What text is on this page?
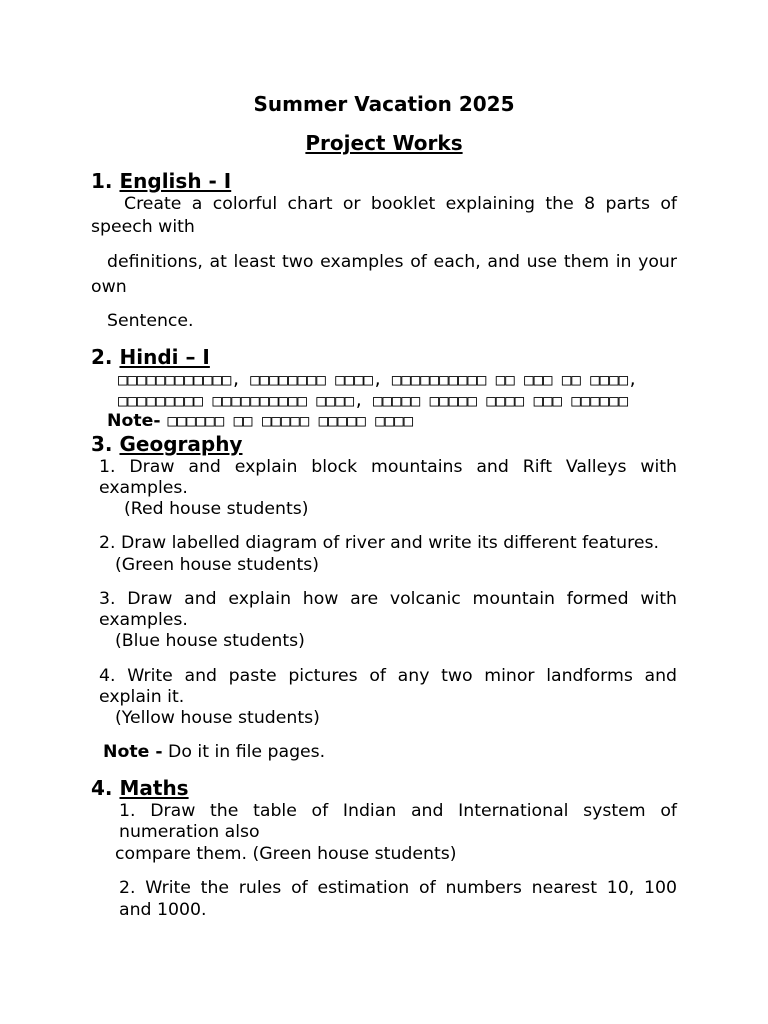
Summer Vacation 2025
Project Works
1. English - I
Create a colorful chart or booklet explaining the 8 parts of
speech with
definitions, at least two examples of each, and use them in your
own
Sentence.
2. Hindi – I
□□□□□□□□□□□□, □□□□□□□□ □□□□, □□□□□□□□□□ □□ □□□ □□ □□□□,
□□□□□□□□□ □□□□□□□□□□ □□□□, □□□□□ □□□□□ □□□□ □□□ □□□□□□
Note- □□□□□□ □□ □□□□□ □□□□□ □□□□
3. Geography
1. Draw and explain block mountains and Rift Valleys with
examples.
(Red house students)
2. Draw labelled diagram of river and write its different features.
(Green house students)
3. Draw and explain how are volcanic mountain formed with
examples.
(Blue house students)
4. Write and paste pictures of any two minor landforms and
explain it.
(Yellow house students)
Note - Do it in file pages.
4. Maths
1. Draw the table of Indian and International system of
numeration also
compare them. (Green house students)
2. Write the rules of estimation of numbers nearest 10, 100
and 1000.
